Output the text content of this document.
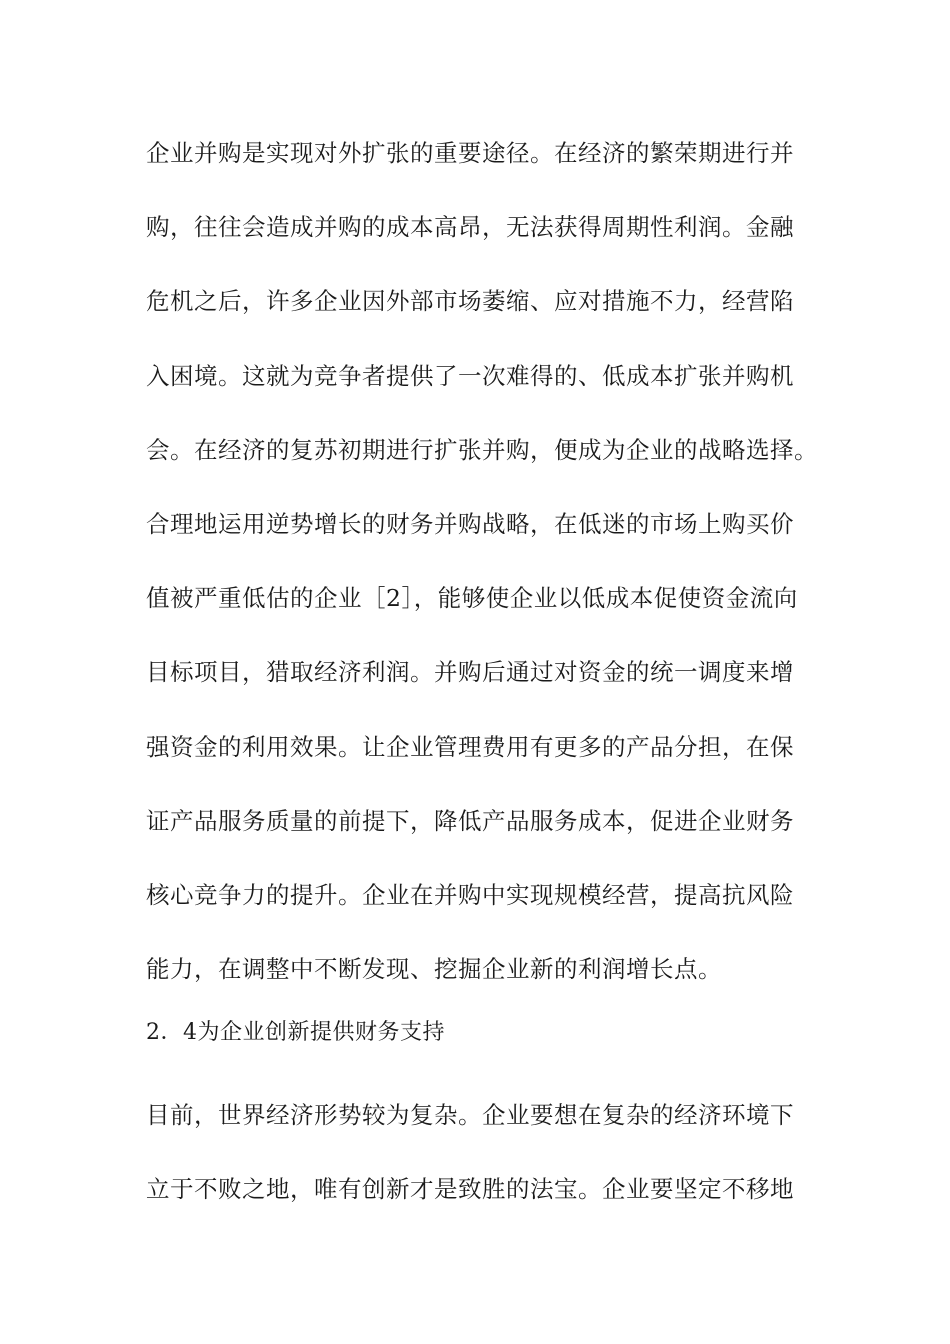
企业并购是实现对外扩张的重要途径。在经济的繁荣期进行并

购，往往会造成并购的成本高昂，无法获得周期性利润。金融

危机之后，许多企业因外部市场萎缩、应对措施不力，经营陷

入困境。这就为竞争者提供了一次难得的、低成本扩张并购机

会。在经济的复苏初期进行扩张并购，便成为企业的战略选择。

合理地运用逆势增长的财务并购战略，在低迷的市场上购买价

值被严重低估的企业［2］，能够使企业以低成本促使资金流向

目标项目，猎取经济利润。并购后通过对资金的统一调度来增

强资金的利用效果。让企业管理费用有更多的产品分担，在保

证产品服务质量的前提下，降低产品服务成本，促进企业财务

核心竞争力的提升。企业在并购中实现规模经营，提高抗风险

能力，在调整中不断发现、挖掘企业新的利润增长点。

2．4为企业创新提供财务支持

目前，世界经济形势较为复杂。企业要想在复杂的经济环境下

立于不败之地，唯有创新才是致胜的法宝。企业要坚定不移地
